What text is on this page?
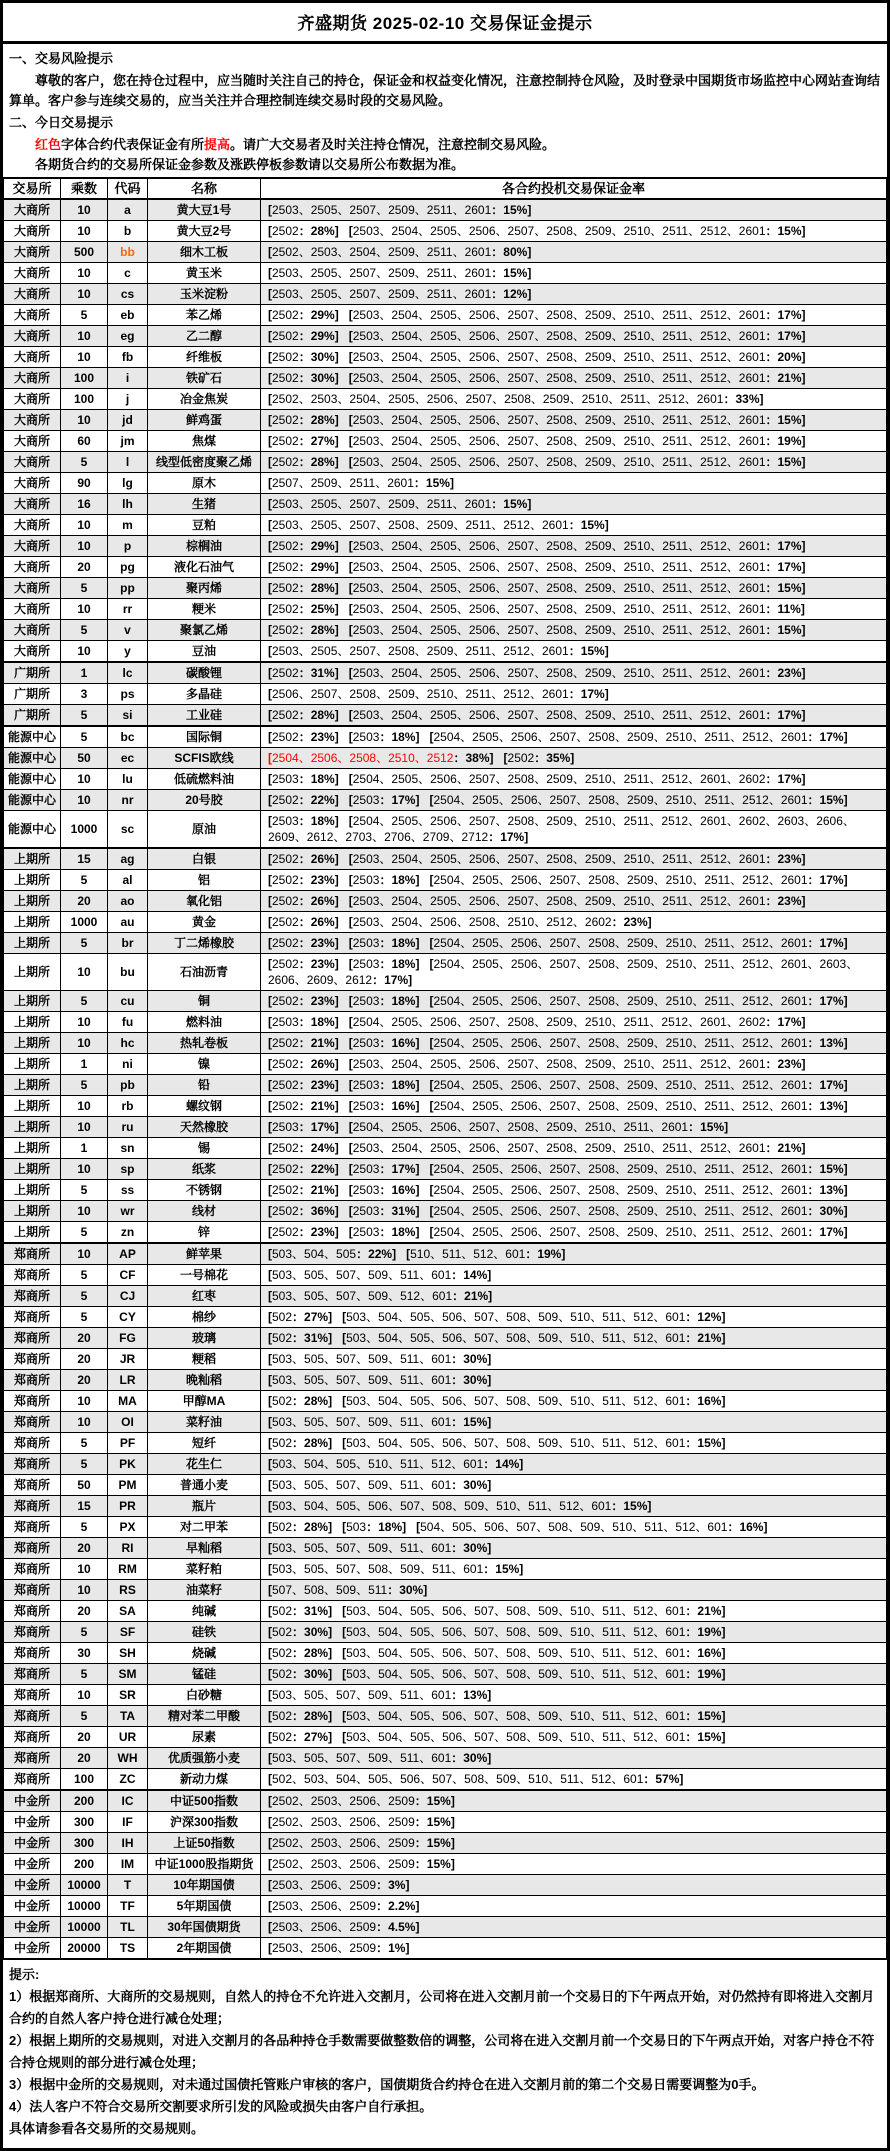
齐盛期货 2025-02-10 交易保证金提示
一、交易风险提示

尊敬的客户，您在持仓过程中，应当随时关注自己的持仓，保证金和权益变化情况，注意控制持仓风险，及时登录中国期货市场监控中心网站查询结算单。客户参与连续交易的，应当关注并合理控制连续交易时段的交易风险。

二、今日交易提示

红色字体合约代表保证金有所提高。请广大交易者及时关注持仓情况，注意控制交易风险。

各期货合约的交易所保证金参数及涨跌停板参数请以交易所公布数据为准。

交易所	乘数	代码	名称	各合约投机交易保证金率
大商所	10	a	黄大豆1号	[2503、2505、2507、2509、2511、2601：15%]
大商所	10	b	黄大豆2号	[2502：28%] [2503、2504、2505、2506、2507、2508、2509、2510、2511、2512、2601：15%]
大商所	500	bb	细木工板	[2502、2503、2504、2509、2511、2601：80%]
大商所	10	c	黄玉米	[2503、2505、2507、2509、2511、2601：15%]
大商所	10	cs	玉米淀粉	[2503、2505、2507、2509、2511、2601：12%]
大商所	5	eb	苯乙烯	[2502：29%] [2503、2504、2505、2506、2507、2508、2509、2510、2511、2512、2601：17%]
大商所	10	eg	乙二醇	[2502：29%] [2503、2504、2505、2506、2507、2508、2509、2510、2511、2512、2601：17%]
大商所	10	fb	纤维板	[2502：30%] [2503、2504、2505、2506、2507、2508、2509、2510、2511、2512、2601：20%]
大商所	100	i	铁矿石	[2502：30%] [2503、2504、2505、2506、2507、2508、2509、2510、2511、2512、2601：21%]
大商所	100	j	冶金焦炭	[2502、2503、2504、2505、2506、2507、2508、2509、2510、2511、2512、2601：33%]
大商所	10	jd	鲜鸡蛋	[2502：28%] [2503、2504、2505、2506、2507、2508、2509、2510、2511、2512、2601：15%]
大商所	60	jm	焦煤	[2502：27%] [2503、2504、2505、2506、2507、2508、2509、2510、2511、2512、2601：19%]
大商所	5	l	线型低密度聚乙烯	[2502：28%] [2503、2504、2505、2506、2507、2508、2509、2510、2511、2512、2601：15%]
大商所	90	lg	原木	[2507、2509、2511、2601：15%]
大商所	16	lh	生猪	[2503、2505、2507、2509、2511、2601：15%]
大商所	10	m	豆粕	[2503、2505、2507、2508、2509、2511、2512、2601：15%]
大商所	10	p	棕榈油	[2502：29%] [2503、2504、2505、2506、2507、2508、2509、2510、2511、2512、2601：17%]
大商所	20	pg	液化石油气	[2502：29%] [2503、2504、2505、2506、2507、2508、2509、2510、2511、2512、2601：17%]
大商所	5	pp	聚丙烯	[2502：28%] [2503、2504、2505、2506、2507、2508、2509、2510、2511、2512、2601：15%]
大商所	10	rr	粳米	[2502：25%] [2503、2504、2505、2506、2507、2508、2509、2510、2511、2512、2601：11%]
大商所	5	v	聚氯乙烯	[2502：28%] [2503、2504、2505、2506、2507、2508、2509、2510、2511、2512、2601：15%]
大商所	10	y	豆油	[2503、2505、2507、2508、2509、2511、2512、2601：15%]
广期所	1	lc	碳酸锂	[2502：31%] [2503、2504、2505、2506、2507、2508、2509、2510、2511、2512、2601：23%]
广期所	3	ps	多晶硅	[2506、2507、2508、2509、2510、2511、2512、2601：17%]
广期所	5	si	工业硅	[2502：28%] [2503、2504、2505、2506、2507、2508、2509、2510、2511、2512、2601：17%]
能源中心	5	bc	国际铜	[2502：23%] [2503：18%] [2504、2505、2506、2507、2508、2509、2510、2511、2512、2601：17%]
能源中心	50	ec	SCFIS欧线	[2504、2506、2508、2510、2512：38%] [2502：35%]
能源中心	10	lu	低硫燃料油	[2503：18%] [2504、2505、2506、2507、2508、2509、2510、2511、2512、2601、2602：17%]
能源中心	10	nr	20号胶	[2502：22%] [2503：17%] [2504、2505、2506、2507、2508、2509、2510、2511、2512、2601：15%]
能源中心	1000	sc	原油	[2503：18%] [2504、2505、2506、2507、2508、2509、2510、2511、2512、2601、2602、2603、2606、2609、2612、2703、2706、2709、2712：17%]
上期所	15	ag	白银	[2502：26%] [2503、2504、2505、2506、2507、2508、2509、2510、2511、2512、2601：23%]
上期所	5	al	铝	[2502：23%] [2503：18%] [2504、2505、2506、2507、2508、2509、2510、2511、2512、2601：17%]
上期所	20	ao	氧化铝	[2502：26%] [2503、2504、2505、2506、2507、2508、2509、2510、2511、2512、2601：23%]
上期所	1000	au	黄金	[2502：26%] [2503、2504、2506、2508、2510、2512、2602：23%]
上期所	5	br	丁二烯橡胶	[2502：23%] [2503：18%] [2504、2505、2506、2507、2508、2509、2510、2511、2512、2601：17%]
上期所	10	bu	石油沥青	[2502：23%] [2503：18%] [2504、2505、2506、2507、2508、2509、2510、2511、2512、2601、2603、2606、2609、2612：17%]
上期所	5	cu	铜	[2502：23%] [2503：18%] [2504、2505、2506、2507、2508、2509、2510、2511、2512、2601：17%]
上期所	10	fu	燃料油	[2503：18%] [2504、2505、2506、2507、2508、2509、2510、2511、2512、2601、2602：17%]
上期所	10	hc	热轧卷板	[2502：21%] [2503：16%] [2504、2505、2506、2507、2508、2509、2510、2511、2512、2601：13%]
上期所	1	ni	镍	[2502：26%] [2503、2504、2505、2506、2507、2508、2509、2510、2511、2512、2601：23%]
上期所	5	pb	铅	[2502：23%] [2503：18%] [2504、2505、2506、2507、2508、2509、2510、2511、2512、2601：17%]
上期所	10	rb	螺纹钢	[2502：21%] [2503：16%] [2504、2505、2506、2507、2508、2509、2510、2511、2512、2601：13%]
上期所	10	ru	天然橡胶	[2503：17%] [2504、2505、2506、2507、2508、2509、2510、2511、2601：15%]
上期所	1	sn	锡	[2502：24%] [2503、2504、2505、2506、2507、2508、2509、2510、2511、2512、2601：21%]
上期所	10	sp	纸浆	[2502：22%] [2503：17%] [2504、2505、2506、2507、2508、2509、2510、2511、2512、2601：15%]
上期所	5	ss	不锈钢	[2502：21%] [2503：16%] [2504、2505、2506、2507、2508、2509、2510、2511、2512、2601：13%]
上期所	10	wr	线材	[2502：36%] [2503：31%] [2504、2505、2506、2507、2508、2509、2510、2511、2512、2601：30%]
上期所	5	zn	锌	[2502：23%] [2503：18%] [2504、2505、2506、2507、2508、2509、2510、2511、2512、2601：17%]
郑商所	10	AP	鲜苹果	[503、504、505：22%] [510、511、512、601：19%]
郑商所	5	CF	一号棉花	[503、505、507、509、511、601：14%]
郑商所	5	CJ	红枣	[503、505、507、509、512、601：21%]
郑商所	5	CY	棉纱	[502：27%] [503、504、505、506、507、508、509、510、511、512、601：12%]
郑商所	20	FG	玻璃	[502：31%] [503、504、505、506、507、508、509、510、511、512、601：21%]
郑商所	20	JR	粳稻	[503、505、507、509、511、601：30%]
郑商所	20	LR	晚籼稻	[503、505、507、509、511、601：30%]
郑商所	10	MA	甲醇MA	[502：28%] [503、504、505、506、507、508、509、510、511、512、601：16%]
郑商所	10	OI	菜籽油	[503、505、507、509、511、601：15%]
郑商所	5	PF	短纤	[502：28%] [503、504、505、506、507、508、509、510、511、512、601：15%]
郑商所	5	PK	花生仁	[503、504、505、510、511、512、601：14%]
郑商所	50	PM	普通小麦	[503、505、507、509、511、601：30%]
郑商所	15	PR	瓶片	[503、504、505、506、507、508、509、510、511、512、601：15%]
郑商所	5	PX	对二甲苯	[502：28%] [503：18%] [504、505、506、507、508、509、510、511、512、601：16%]
郑商所	20	RI	早籼稻	[503、505、507、509、511、601：30%]
郑商所	10	RM	菜籽粕	[503、505、507、508、509、511、601：15%]
郑商所	10	RS	油菜籽	[507、508、509、511：30%]
郑商所	20	SA	纯碱	[502：31%] [503、504、505、506、507、508、509、510、511、512、601：21%]
郑商所	5	SF	硅铁	[502：30%] [503、504、505、506、507、508、509、510、511、512、601：19%]
郑商所	30	SH	烧碱	[502：28%] [503、504、505、506、507、508、509、510、511、512、601：16%]
郑商所	5	SM	锰硅	[502：30%] [503、504、505、506、507、508、509、510、511、512、601：19%]
郑商所	10	SR	白砂糖	[503、505、507、509、511、601：13%]
郑商所	5	TA	精对苯二甲酸	[502：28%] [503、504、505、506、507、508、509、510、511、512、601：15%]
郑商所	20	UR	尿素	[502：27%] [503、504、505、506、507、508、509、510、511、512、601：15%]
郑商所	20	WH	优质强筋小麦	[503、505、507、509、511、601：30%]
郑商所	100	ZC	新动力煤	[502、503、504、505、506、507、508、509、510、511、512、601：57%]
中金所	200	IC	中证500指数	[2502、2503、2506、2509：15%]
中金所	300	IF	沪深300指数	[2502、2503、2506、2509：15%]
中金所	300	IH	上证50指数	[2502、2503、2506、2509：15%]
中金所	200	IM	中证1000股指期货	[2502、2503、2506、2509：15%]
中金所	10000	T	10年期国债	[2503、2506、2509：3%]
中金所	10000	TF	5年期国债	[2503、2506、2509：2.2%]
中金所	10000	TL	30年国债期货	[2503、2506、2509：4.5%]
中金所	20000	TS	2年期国债	[2503、2506、2509：1%]

提示:

1）根据郑商所、大商所的交易规则，自然人的持仓不允许进入交割月，公司将在进入交割月前一个交易日的下午两点开始，对仍然持有即将进入交割月合约的自然人客户持仓进行减仓处理；

2）根据上期所的交易规则，对进入交割月的各品种持仓手数需要做整数倍的调整，公司将在进入交割月前一个交易日的下午两点开始，对客户持仓不符合持仓规则的部分进行减仓处理；

3）根据中金所的交易规则，对未通过国债托管账户审核的客户，国债期货合约持仓在进入交割月前的第二个交易日需要调整为0手。

4）法人客户不符合交易所交割要求所引发的风险或损失由客户自行承担。

具体请参看各交易所的交易规则。
